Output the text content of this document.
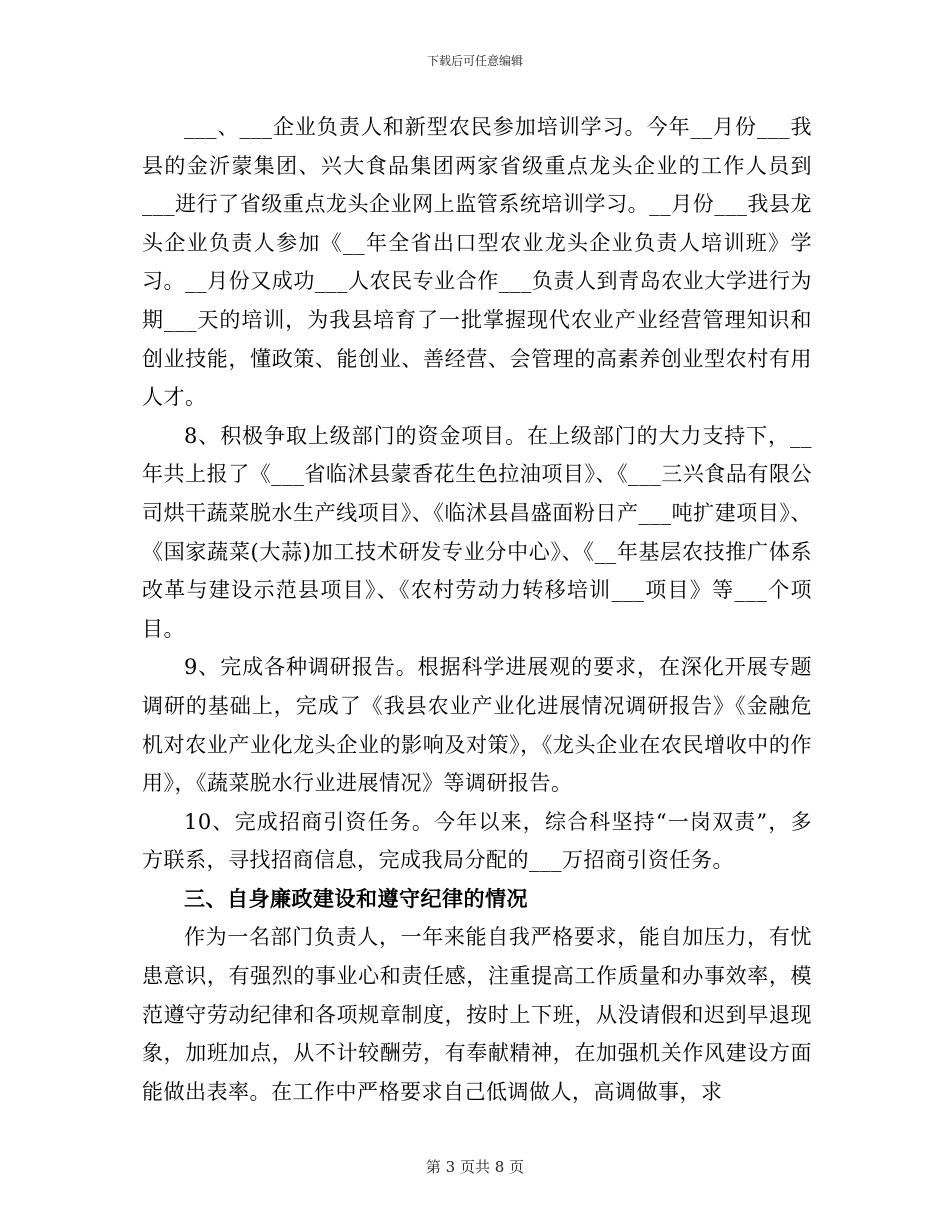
下载后可任意编辑

___、___企业负责人和新型农民参加培训学习。今年__月份___我县的金沂蒙集团、兴大食品集团两家省级重点龙头企业的工作人员到___进行了省级重点龙头企业网上监管系统培训学习。__月份___我县龙头企业负责人参加《__年全省出口型农业龙头企业负责人培训班》学习。__月份又成功___人农民专业合作___负责人到青岛农业大学进行为期___天的培训，为我县培育了一批掌握现代农业产业经营管理知识和创业技能，懂政策、能创业、善经营、会管理的高素养创业型农村有用人才。

8、积极争取上级部门的资金项目。在上级部门的大力支持下，__年共上报了《___省临沭县蒙香花生色拉油项目》、《___三兴食品有限公司烘干蔬菜脱水生产线项目》、《临沭县昌盛面粉日产___吨扩建项目》、《国家蔬菜(大蒜)加工技术研发专业分中心》、《__年基层农技推广体系改革与建设示范县项目》、《农村劳动力转移培训___项目》等___个项目。

9、完成各种调研报告。根据科学进展观的要求，在深化开展专题调研的基础上，完成了《我县农业产业化进展情况调研报告》《金融危机对农业产业化龙头企业的影响及对策》，《龙头企业在农民增收中的作用》，《蔬菜脱水行业进展情况》等调研报告。

10、完成招商引资任务。今年以来，综合科坚持“一岗双责”，多方联系，寻找招商信息，完成我局分配的___万招商引资任务。

三、自身廉政建设和遵守纪律的情况

作为一名部门负责人，一年来能自我严格要求，能自加压力，有忧患意识，有强烈的事业心和责任感，注重提高工作质量和办事效率，模范遵守劳动纪律和各项规章制度，按时上下班，从没请假和迟到早退现象，加班加点，从不计较酬劳，有奉献精神，在加强机关作风建设方面能做出表率。在工作中严格要求自己低调做人，高调做事，求

第 3 页共 8 页
